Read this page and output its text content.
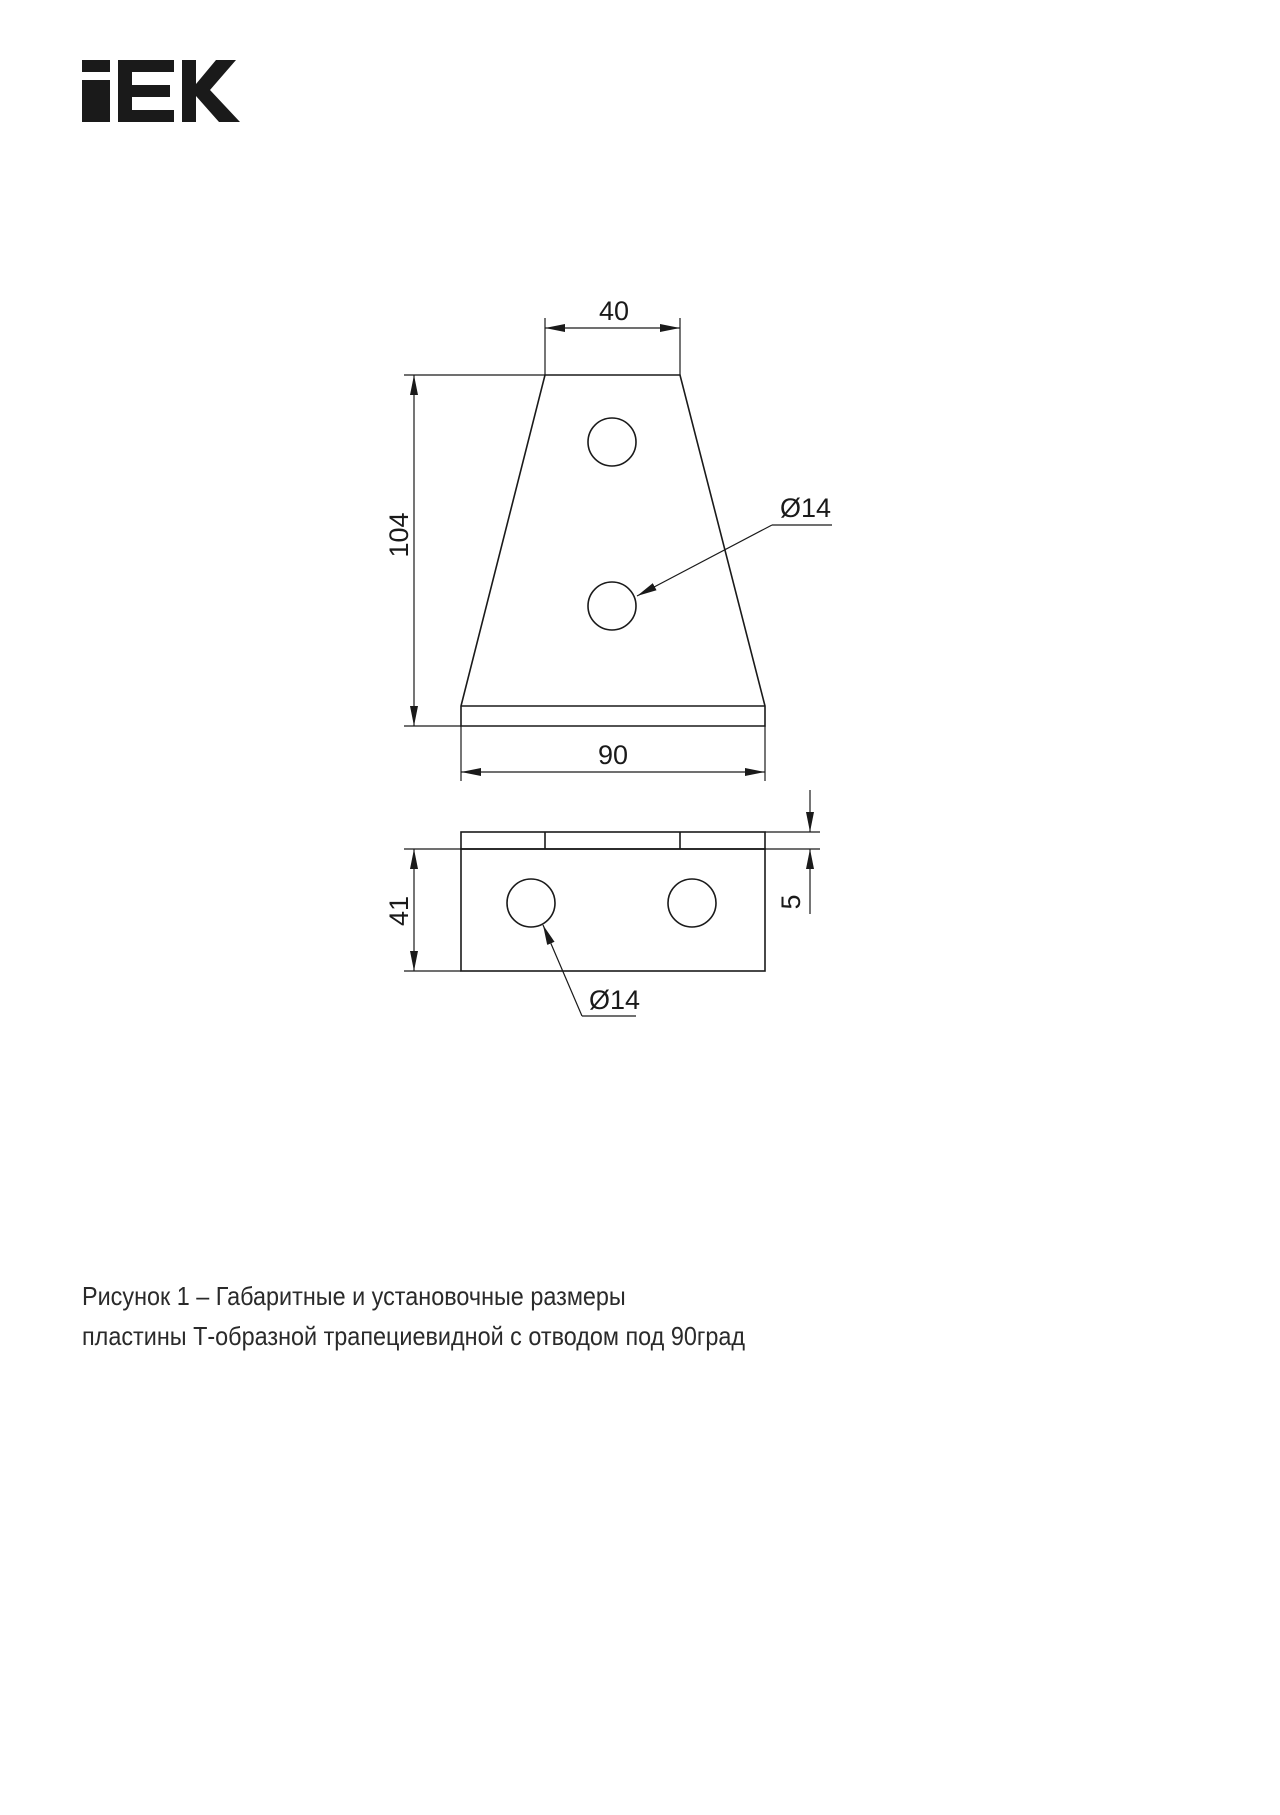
40
104
90
Ø14
41	5
Ø14
Рисунок 1 – Габаритные и установочные размеры
пластины Т-образной трапециевидной с отводом под 90град
